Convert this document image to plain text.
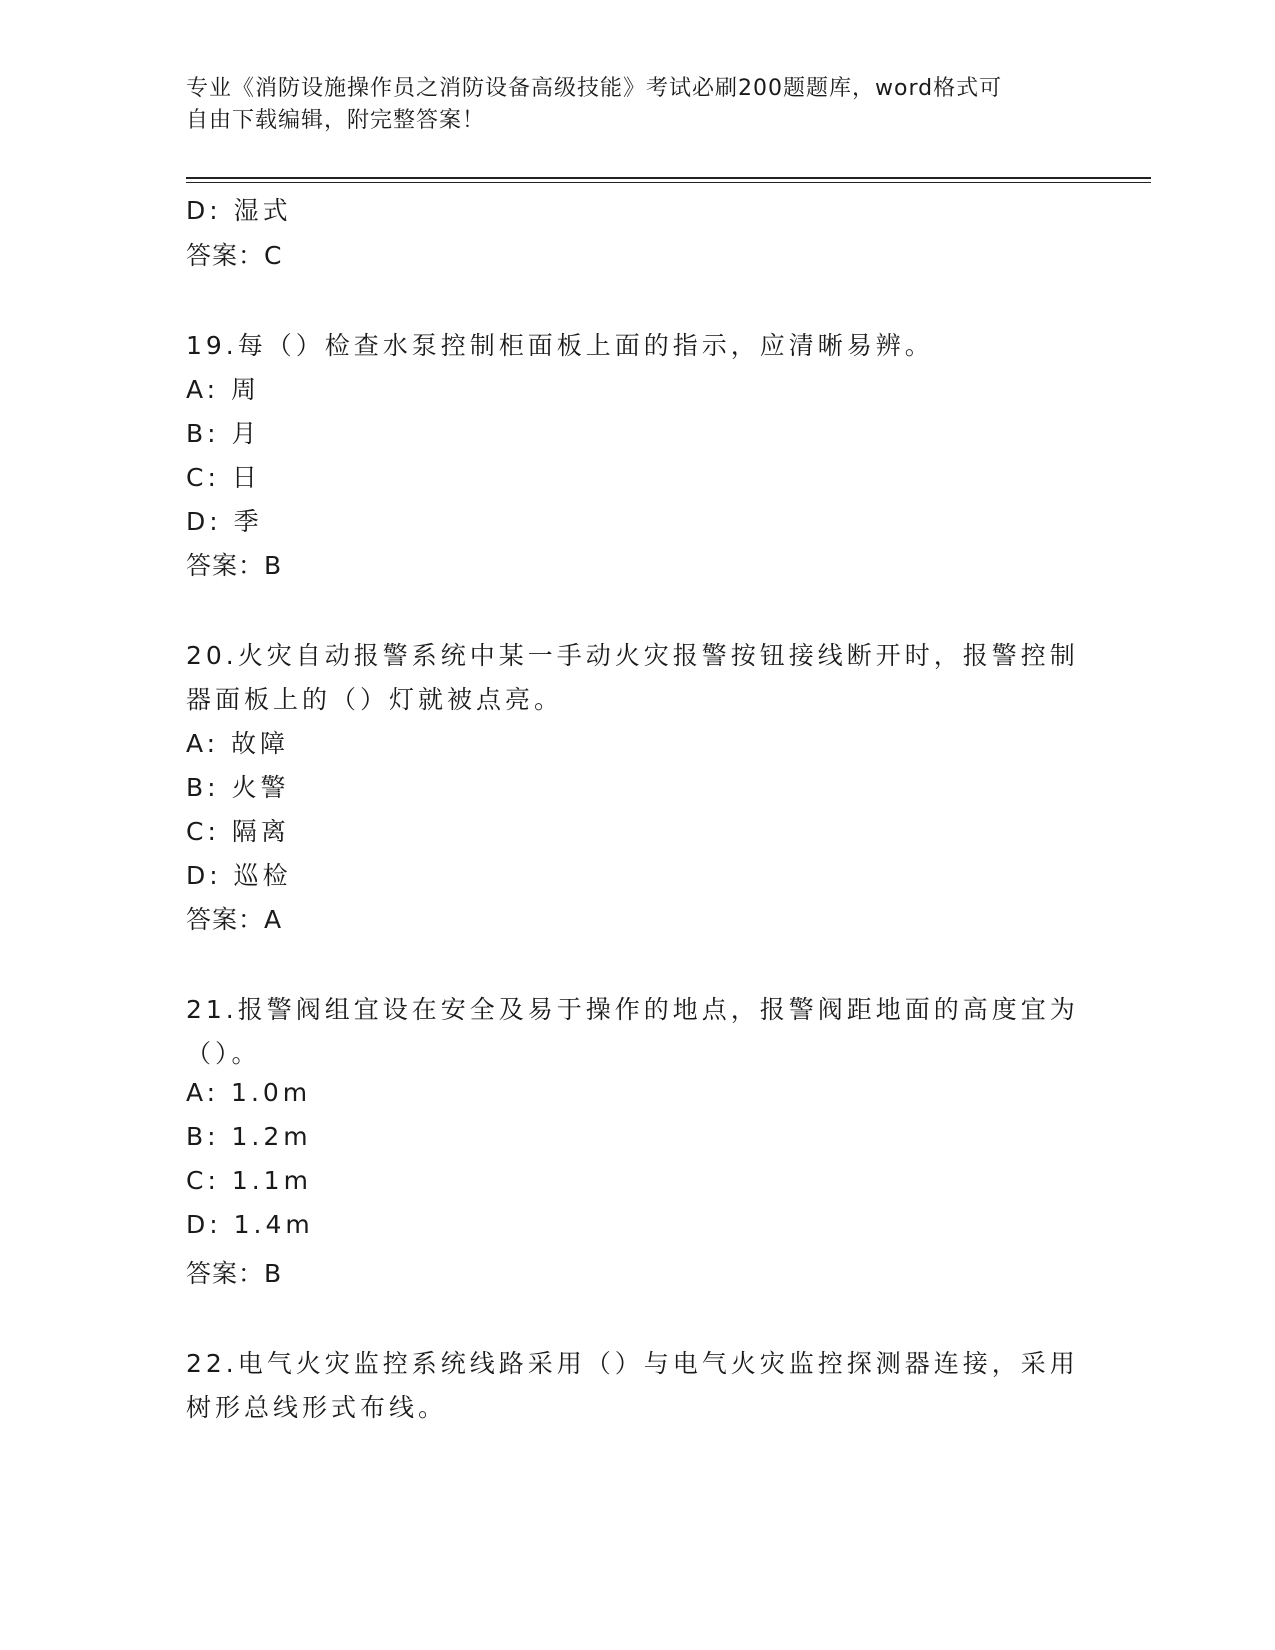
专业《消防设施操作员之消防设备高级技能》考试必刷200题题库，word格式可
自由下载编辑，附完整答案！
D: 湿式
答案：C
19.每（）检查水泵控制柜面板上面的指示，应清晰易辨。
A: 周
B: 月
C: 日
D: 季
答案：B
20.火灾自动报警系统中某一手动火灾报警按钮接线断开时，报警控制
器面板上的（）灯就被点亮。
A: 故障
B: 火警
C: 隔离
D: 巡检
答案：A
21.报警阀组宜设在安全及易于操作的地点，报警阀距地面的高度宜为
（）。
A: 1.0m
B: 1.2m
C: 1.1m
D: 1.4m
答案：B
22.电气火灾监控系统线路采用（）与电气火灾监控探测器连接，采用
树形总线形式布线。
